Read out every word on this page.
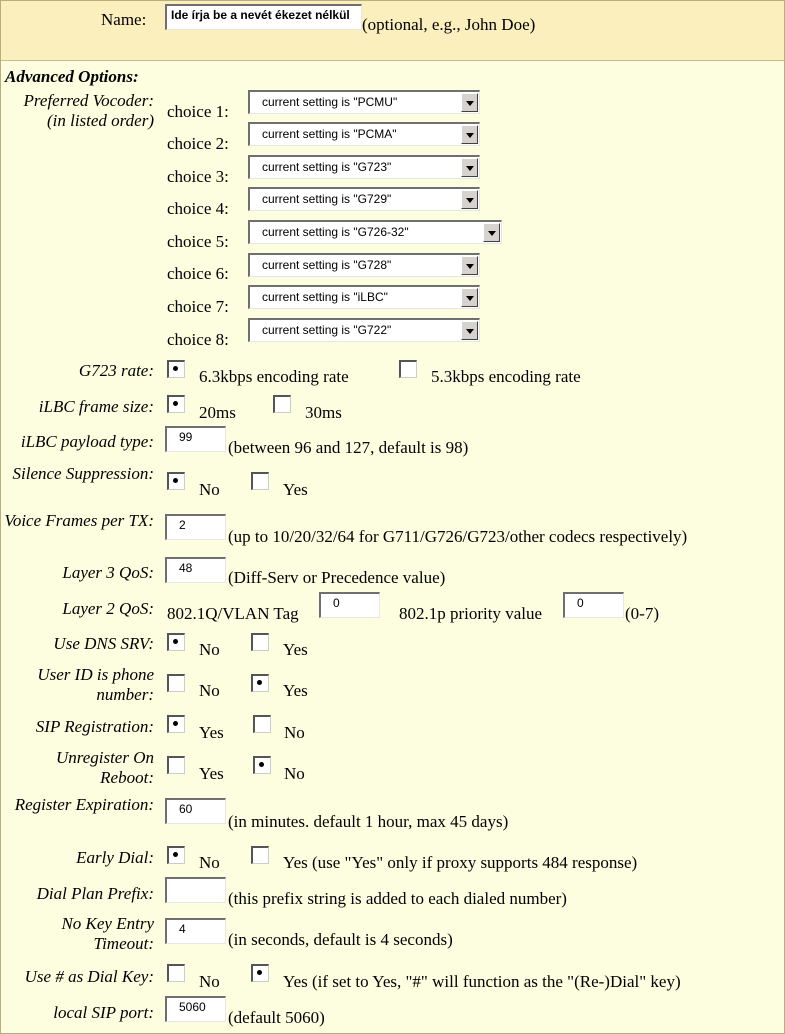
Name:	Ide írja be a nevét ékezet nélkül (optional, e.g., John Doe)
Advanced Options:
Preferred Vocoder: (in listed order) choice 1:	current setting is "PCMU"
choice 2:	current setting is "PCMA"
choice 3:	current setting is "G723"
choice 4:	current setting is "G729"
choice 5:	current setting is "G726-32"
choice 6:	current setting is "G728"
choice 7:	current setting is "iLBC"
choice 8:	current setting is "G722"
G723 rate:	6.3kbps encoding rate	5.3kbps encoding rate
iLBC frame size:	20ms	30ms
iLBC payload type:	99
(between 96 and 127, default is 98)
Silence Suppression:
No	Yes
Voice Frames per TX:	2
(up to 10/20/32/64 for G711/G726/G723/other codecs respectively)
Layer 3 QoS:	48	(Diff-Serv or Precedence value)
Layer 2 QoS: 802.1Q/VLAN Tag
0
802.1p priority value
0
(0-7)
Use DNS SRV:	No	Yes
User ID is phone number:	No	Yes
SIP Registration:	Yes	No
Unregister On Reboot:	Yes	No
Register Expiration:	60
(in minutes. default 1 hour, max 45 days)
Early Dial:	No	Yes (use "Yes" only if proxy supports 484 response)
Dial Plan Prefix:	(this prefix string is added to each dialed number)
No Key Entry Timeout:
4
(in seconds, default is 4 seconds)
Use # as Dial Key:	No	Yes (if set to Yes, "#" will function as the "(Re-)Dial" key)
local SIP port:	5060
(default 5060)
